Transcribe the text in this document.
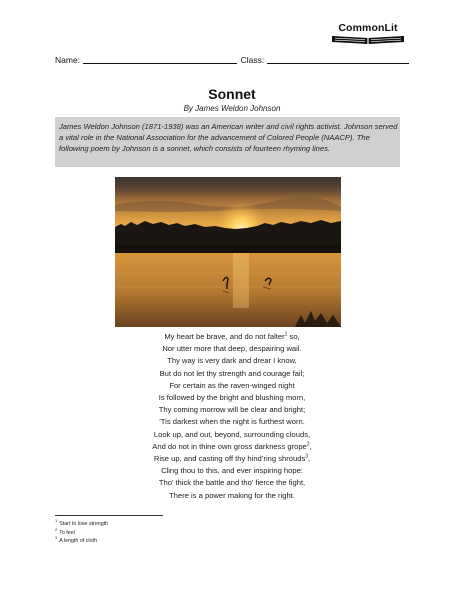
CommonLit
Name:	Class:
Sonnet
By James Weldon Johnson
James Weldon Johnson (1871-1938) was an American writer and civil rights activist. Johnson served a vital role in the National Association for the advancement of Colored People (NAACP). The following poem by Johnson is a sonnet, which consists of fourteen rhyming lines.
My heart be brave, and do not falter$^1$ so,
Nor utter more that deep, despairing wail.
Thy way is very dark and drear I know,
But do not let thy strength and courage fail;
For certain as the raven-winged night
Is followed by the bright and blushing morn,
Thy coming morrow will be clear and bright;
’Tis darkest when the night is furthest worn.
Look up, and out, beyond, surrounding clouds,
And do not in thine own gross darkness grope$^2$,
Rise up, and casting off thy hind’ring shrouds$^3$,
Cling thou to this, and ever inspiring hope:
Tho’ thick the battle and tho’ fierce the fight,
There is a power making for the right.
$^1$Start to lose strength
$^2$To feel
$^3$A length of cloth
